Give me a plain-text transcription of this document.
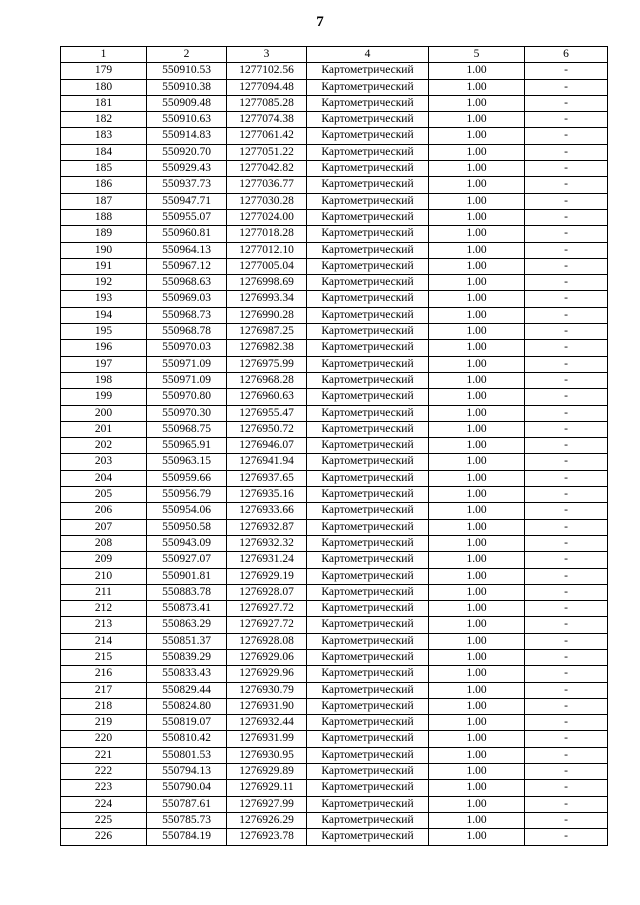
7
1	2	3	4	5	6
179	550910.53	1277102.56	Картометрический	1.00	-
180	550910.38	1277094.48	Картометрический	1.00	-
181	550909.48	1277085.28	Картометрический	1.00	-
182	550910.63	1277074.38	Картометрический	1.00	-
183	550914.83	1277061.42	Картометрический	1.00	-
184	550920.70	1277051.22	Картометрический	1.00	-
185	550929.43	1277042.82	Картометрический	1.00	-
186	550937.73	1277036.77	Картометрический	1.00	-
187	550947.71	1277030.28	Картометрический	1.00	-
188	550955.07	1277024.00	Картометрический	1.00	-
189	550960.81	1277018.28	Картометрический	1.00	-
190	550964.13	1277012.10	Картометрический	1.00	-
191	550967.12	1277005.04	Картометрический	1.00	-
192	550968.63	1276998.69	Картометрический	1.00	-
193	550969.03	1276993.34	Картометрический	1.00	-
194	550968.73	1276990.28	Картометрический	1.00	-
195	550968.78	1276987.25	Картометрический	1.00	-
196	550970.03	1276982.38	Картометрический	1.00	-
197	550971.09	1276975.99	Картометрический	1.00	-
198	550971.09	1276968.28	Картометрический	1.00	-
199	550970.80	1276960.63	Картометрический	1.00	-
200	550970.30	1276955.47	Картометрический	1.00	-
201	550968.75	1276950.72	Картометрический	1.00	-
202	550965.91	1276946.07	Картометрический	1.00	-
203	550963.15	1276941.94	Картометрический	1.00	-
204	550959.66	1276937.65	Картометрический	1.00	-
205	550956.79	1276935.16	Картометрический	1.00	-
206	550954.06	1276933.66	Картометрический	1.00	-
207	550950.58	1276932.87	Картометрический	1.00	-
208	550943.09	1276932.32	Картометрический	1.00	-
209	550927.07	1276931.24	Картометрический	1.00	-
210	550901.81	1276929.19	Картометрический	1.00	-
211	550883.78	1276928.07	Картометрический	1.00	-
212	550873.41	1276927.72	Картометрический	1.00	-
213	550863.29	1276927.72	Картометрический	1.00	-
214	550851.37	1276928.08	Картометрический	1.00	-
215	550839.29	1276929.06	Картометрический	1.00	-
216	550833.43	1276929.96	Картометрический	1.00	-
217	550829.44	1276930.79	Картометрический	1.00	-
218	550824.80	1276931.90	Картометрический	1.00	-
219	550819.07	1276932.44	Картометрический	1.00	-
220	550810.42	1276931.99	Картометрический	1.00	-
221	550801.53	1276930.95	Картометрический	1.00	-
222	550794.13	1276929.89	Картометрический	1.00	-
223	550790.04	1276929.11	Картометрический	1.00	-
224	550787.61	1276927.99	Картометрический	1.00	-
225	550785.73	1276926.29	Картометрический	1.00	-
226	550784.19	1276923.78	Картометрический	1.00	-
